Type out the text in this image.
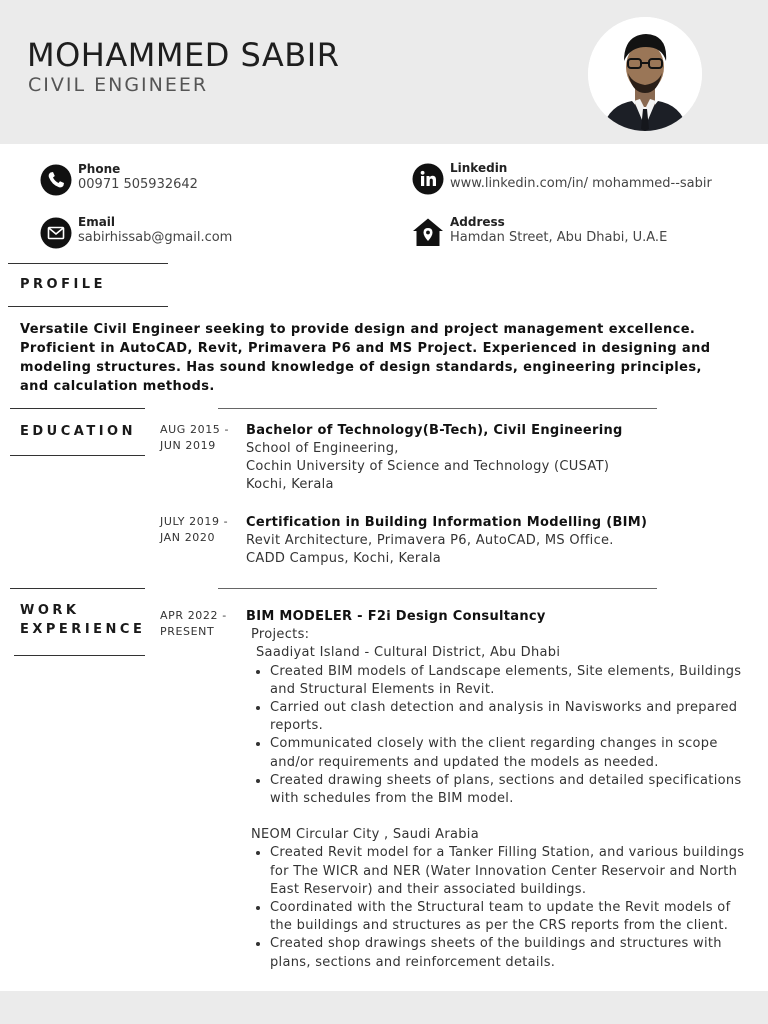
MOHAMMED SABIR
CIVIL ENGINEER
Phone
00971 505932642
Linkedin
www.linkedin.com/in/ mohammed--sabir
Email
sabirhissab@gmail.com
Address
Hamdan Street, Abu Dhabi, U.A.E
PROFILE
Versatile Civil Engineer seeking to provide design and project management excellence. Proficient in AutoCAD, Revit, Primavera P6 and MS Project. Experienced in designing and modeling structures. Has sound knowledge of design standards, engineering principles, and calculation methods.
EDUCATION AUG 2015 -
JUN 2019
Bachelor of Technology(B-Tech), Civil Engineering
School of Engineering,
Cochin University of Science and Technology (CUSAT)
Kochi, Kerala
JULY 2019 -
JAN 2020
Certification in Building Information Modelling (BIM)
Revit Architecture, Primavera P6, AutoCAD, MS Office.
CADD Campus, Kochi, Kerala
WORK
EXPERIENCE
APR 2022 -
PRESENT
BIM MODELER - F2i Design Consultancy
Projects:
Saadiyat Island - Cultural District, Abu Dhabi
• Created BIM models of Landscape elements, Site elements, Buildings and Structural Elements in Revit.
• Carried out clash detection and analysis in Navisworks and prepared reports.
• Communicated closely with the client regarding changes in scope and/or requirements and updated the models as needed.
• Created drawing sheets of plans, sections and detailed specifications with schedules from the BIM model.
NEOM Circular City , Saudi Arabia
• Created Revit model for a Tanker Filling Station, and various buildings for The WICR and NER (Water Innovation Center Reservoir and North East Reservoir) and their associated buildings.
• Coordinated with the Structural team to update the Revit models of the buildings and structures as per the CRS reports from the client.
• Created shop drawings sheets of the buildings and structures with plans, sections and reinforcement details.
